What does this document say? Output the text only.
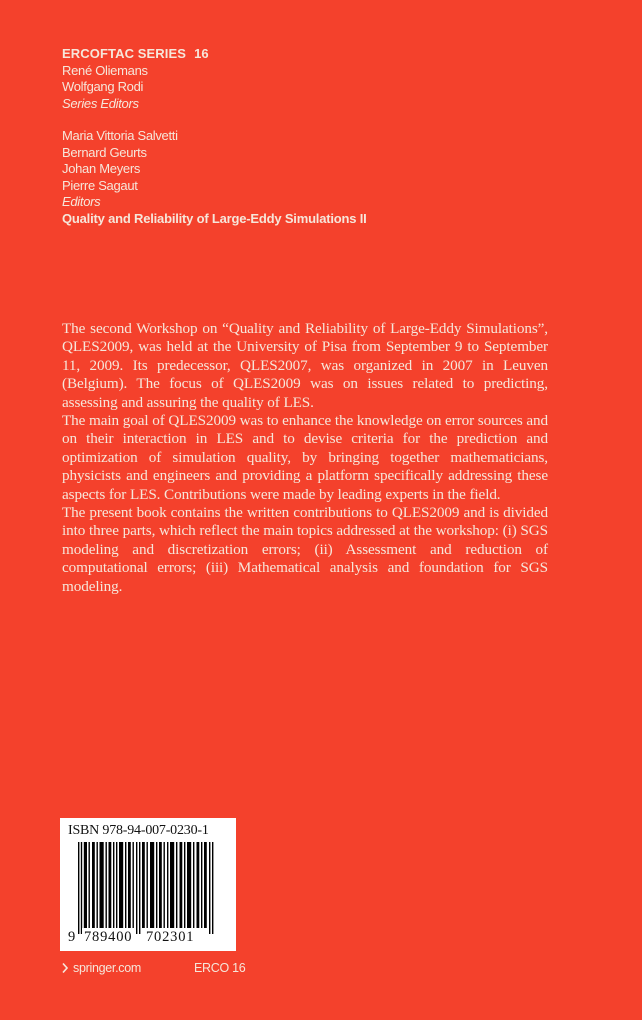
ERCOFTAC SERIES 16
René Oliemans
Wolfgang Rodi
Series Editors
Maria Vittoria Salvetti
Bernard Geurts
Johan Meyers
Pierre Sagaut
Editors
Quality and Reliability of Large-Eddy Simulations II

The second Workshop on “Quality and Reliability of Large-Eddy Simulations”, QLES2009, was held at the University of Pisa from September 9 to September 11, 2009. Its predecessor, QLES2007, was organized in 2007 in Leuven (Belgium). The focus of QLES2009 was on issues related to predicting, assessing and assuring the quality of LES.

The main goal of QLES2009 was to enhance the knowledge on error sources and on their interaction in LES and to devise criteria for the prediction and optimization of simulation quality, by bringing together mathematicians, physicists and engineers and providing a platform specifically addressing these aspects for LES. Contributions were made by leading experts in the field.

The present book contains the written contributions to QLES2009 and is divided into three parts, which reflect the main topics addressed at the workshop: (i) SGS modeling and discretization errors; (ii) Assessment and reduction of computational errors; (iii) Mathematical analysis and foundation for SGS modeling.

ISBN 978-94-007-0230-1
9 789400 702301
springer.com	ERCO 16
